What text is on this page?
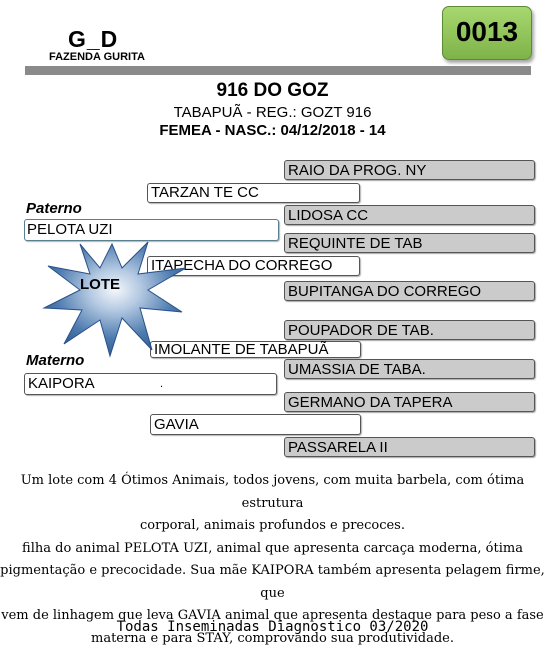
G_D
FAZENDA GURITA
0013
916 DO GOZ
TABAPUÃ - REG.: GOZT 916
FEMEA - NASC.: 04/12/2018 - 14
RAIO DA PROG. NY
LIDOSA CC
REQUINTE DE TAB
BUPITANGA DO CORREGO
POUPADOR DE TAB.
UMASSIA DE TABA.
GERMANO DA TAPERA
PASSARELA II
TARZAN TE CC
ITAPECHA DO CORREGO
IMOLANTE DE TABAPUÃ
GAVIA
Paterno
PELOTA UZI
Materno
KAIPORA	.
LOTE
Um lote com 4 Ótimos Animais, todos jovens, com muita barbela, com ótima estrutura
corporal, animais profundos e precoces.
filha do animal PELOTA UZI, animal que apresenta carcaça moderna, ótima
pigmentação e precocidade. Sua mãe KAIPORA também apresenta pelagem firme, que
vem de linhagem que leva GAVIA animal que apresenta destaque para peso a fase
materna e para STAY, comprovando sua produtividade.
Todas Inseminadas Diagnostico 03/2020
